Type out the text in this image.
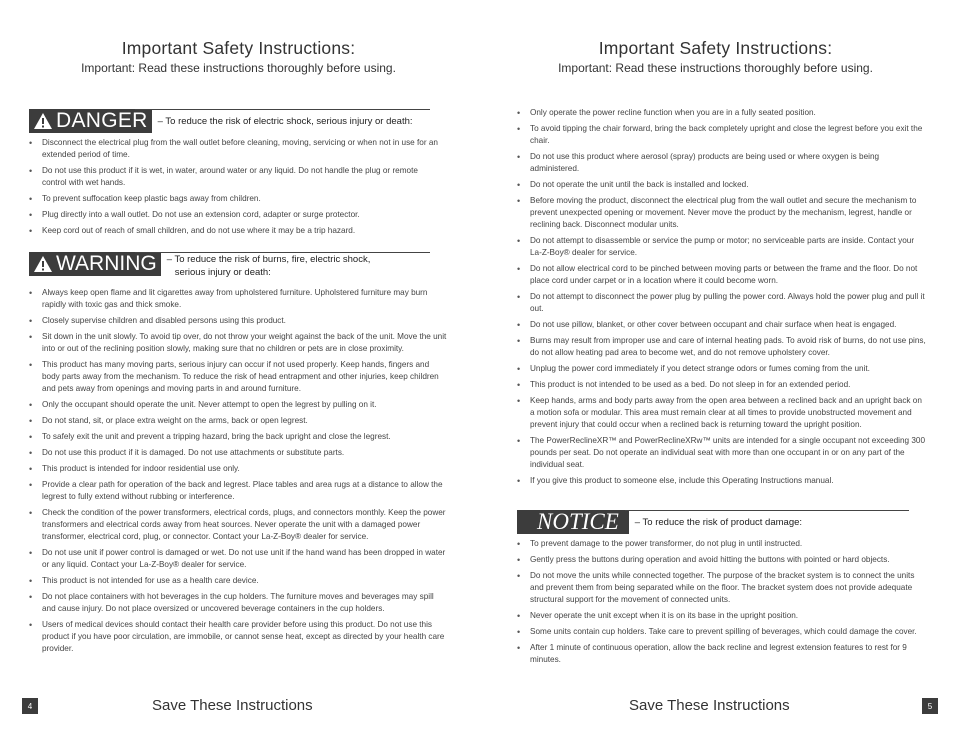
Important Safety Instructions:
Important: Read these instructions thoroughly before using.
DANGER	– To reduce the risk of electric shock, serious injury or death:
• Disconnect the electrical plug from the wall outlet before cleaning, moving, servicing or when not in use for an extended period of time.
• Do not use this product if it is wet, in water, around water or any liquid. Do not handle the plug or remote control with wet hands.
• To prevent suffocation keep plastic bags away from children.
• Plug directly into a wall outlet. Do not use an extension cord, adapter or surge protector.
• Keep cord out of reach of small children, and do not use where it may be a trip hazard.
WARNING	– To reduce the risk of burns, fire, electric shock,
serious injury or death:
• Always keep open flame and lit cigarettes away from upholstered furniture. Upholstered furniture may burn rapidly with toxic gas and thick smoke.
• Closely supervise children and disabled persons using this product.
• Sit down in the unit slowly. To avoid tip over, do not throw your weight against the back of the unit. Move the unit into or out of the reclining position slowly, making sure that no children or pets are in close proximity.
• This product has many moving parts, serious injury can occur if not used properly. Keep hands, fingers and body parts away from the mechanism. To reduce the risk of head entrapment and other injuries, keep children and pets away from openings and moving parts in and around furniture.
• Only the occupant should operate the unit. Never attempt to open the legrest by pulling on it.
• Do not stand, sit, or place extra weight on the arms, back or open legrest.
• To safely exit the unit and prevent a tripping hazard, bring the back upright and close the legrest.
• Do not use this product if it is damaged. Do not use attachments or substitute parts.
• This product is intended for indoor residential use only.
• Provide a clear path for operation of the back and legrest. Place tables and area rugs at a distance to allow the legrest to fully extend without rubbing or interference.
• Check the condition of the power transformers, electrical cords, plugs, and connectors monthly. Keep the power transformers and electrical cords away from heat sources. Never operate the unit with a damaged power transformer, electrical cord, plug, or connector. Contact your La-Z-Boy® dealer for service.
• Do not use unit if power control is damaged or wet. Do not use unit if the hand wand has been dropped in water or any liquid. Contact your La-Z-Boy® dealer for service.
• This product is not intended for use as a health care device.
• Do not place containers with hot beverages in the cup holders. The furniture moves and beverages may spill and cause injury. Do not place oversized or uncovered beverage containers in the cup holders.
• Users of medical devices should contact their health care provider before using this product. Do not use this product if you have poor circulation, are immobile, or cannot sense heat, except as directed by your health care provider.
4	Save These Instructions
Important Safety Instructions:
Important: Read these instructions thoroughly before using.
• Only operate the power recline function when you are in a fully seated position.
• To avoid tipping the chair forward, bring the back completely upright and close the legrest before you exit the chair.
• Do not use this product where aerosol (spray) products are being used or where oxygen is being administered.
• Do not operate the unit until the back is installed and locked.
• Before moving the product, disconnect the electrical plug from the wall outlet and secure the mechanism to prevent unexpected opening or movement. Never move the product by the mechanism, legrest, handle or reclining back. Disconnect modular units.
• Do not attempt to disassemble or service the pump or motor; no serviceable parts are inside. Contact your La-Z-Boy® dealer for service.
• Do not allow electrical cord to be pinched between moving parts or between the frame and the floor. Do not place cord under carpet or in a location where it could become worn.
• Do not attempt to disconnect the power plug by pulling the power cord. Always hold the power plug and pull it out.
• Do not use pillow, blanket, or other cover between occupant and chair surface when heat is engaged.
• Burns may result from improper use and care of internal heating pads. To avoid risk of burns, do not use pins, do not allow heating pad area to become wet, and do not remove upholstery cover.
• Unplug the power cord immediately if you detect strange odors or fumes coming from the unit.
• This product is not intended to be used as a bed. Do not sleep in for an extended period.
• Keep hands, arms and body parts away from the open area between a reclined back and an upright back on a motion sofa or modular. This area must remain clear at all times to provide unobstructed movement and prevent injury that could occur when a reclined back is returning toward the upright position.
• The PowerReclineXR™ and PowerReclineXRw™ units are intended for a single occupant not exceeding 300 pounds per seat. Do not operate an individual seat with more than one occupant in or on any part of the individual seat.
• If you give this product to someone else, include this Operating Instructions manual.
NOTICE	– To reduce the risk of product damage:
• To prevent damage to the power transformer, do not plug in until instructed.
• Gently press the buttons during operation and avoid hitting the buttons with pointed or hard objects.
• Do not move the units while connected together. The purpose of the bracket system is to connect the units and prevent them from being separated while on the floor. The bracket system does not provide adequate structural support for the movement of connected units.
• Never operate the unit except when it is on its base in the upright position.
• Some units contain cup holders. Take care to prevent spilling of beverages, which could damage the cover.
• After 1 minute of continuous operation, allow the back recline and legrest extension features to rest for 9 minutes.
Save These Instructions	5
